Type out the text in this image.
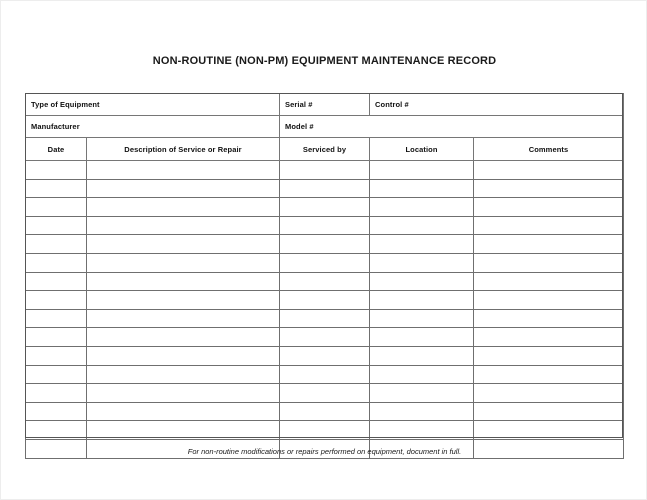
NON-ROUTINE (NON-PM) EQUIPMENT MAINTENANCE RECORD
Type of Equipment		Serial #	Control #	
Manufacturer		Model #		
Date	Description of Service or Repair	Serviced by	Location	Comments

For non-routine modifications or repairs performed on equipment, document in full.
